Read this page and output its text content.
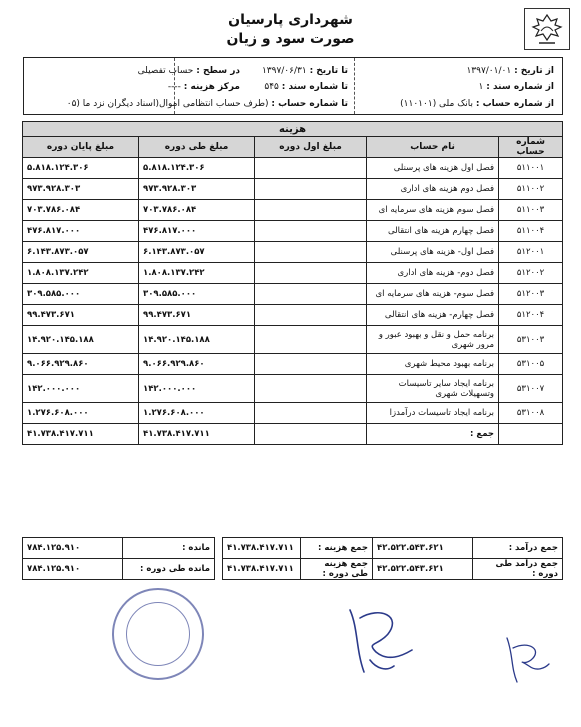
شهرداری پارسیان
صورت سود و زیان
از تاریخ : ۱۳۹۷/۰۱/۰۱
تا تاریخ : ۱۳۹۷/۰۶/۳۱
در سطح : حساب تفصیلی
از شماره سند : ۱
تا شماره سند : ۵۴۵
مرکز هزینه : ----
از شماره حساب : بانک ملی (۱۱۰۱۰۱)
تا شماره حساب : (طرف حساب انتظامی اموال(اسناد دیگران نزد ما (۰۵
هزینه				
شماره حساب	نام حساب	مبلغ اول دوره	مبلغ طی دوره	مبلغ پایان دوره
۵۱۱۰۰۱	فصل اول هزینه های پرسنلی		۵.۸۱۸.۱۲۴.۳۰۶	۵.۸۱۸.۱۲۴.۳۰۶
۵۱۱۰۰۲	فصل دوم هزینه های اداری		۹۷۳.۹۲۸.۳۰۳	۹۷۳.۹۲۸.۳۰۳
۵۱۱۰۰۳	فصل سوم هزینه های سرمایه ای		۷۰۳.۷۸۶.۰۸۴	۷۰۳.۷۸۶.۰۸۴
۵۱۱۰۰۴	فصل چهارم هزینه های انتقالی		۴۷۶.۸۱۷.۰۰۰	۴۷۶.۸۱۷.۰۰۰
۵۱۲۰۰۱	فصل اول- هزینه های پرسنلی		۶.۱۴۳.۸۷۳.۰۵۷	۶.۱۴۳.۸۷۳.۰۵۷
۵۱۲۰۰۲	فصل دوم- هزینه های اداری		۱.۸۰۸.۱۳۷.۲۴۲	۱.۸۰۸.۱۳۷.۲۴۲
۵۱۲۰۰۳	فصل سوم- هزینه های سرمایه ای		۳۰۹.۵۸۵.۰۰۰	۳۰۹.۵۸۵.۰۰۰
۵۱۲۰۰۴	فصل چهارم- هزینه های انتقالی		۹۹.۴۷۳.۶۷۱	۹۹.۴۷۳.۶۷۱
۵۳۱۰۰۳	برنامه حمل و نقل و بهبود عبور و مرور شهری		۱۴.۹۲۰.۱۴۵.۱۸۸	۱۴.۹۲۰.۱۴۵.۱۸۸
۵۳۱۰۰۵	برنامه بهبود محیط شهری		۹.۰۶۶.۹۲۹.۸۶۰	۹.۰۶۶.۹۲۹.۸۶۰
۵۳۱۰۰۷	برنامه ایجاد سایر تاسیسات وتسهیلات شهری		۱۴۲.۰۰۰.۰۰۰	۱۴۲.۰۰۰.۰۰۰
۵۳۱۰۰۸	برنامه ایجاد تاسیسات درآمدزا		۱.۲۷۶.۶۰۸.۰۰۰	۱.۲۷۶.۶۰۸.۰۰۰
	جمع :		۴۱.۷۳۸.۴۱۷.۷۱۱	۴۱.۷۳۸.۴۱۷.۷۱۱
جمع درآمد :	۴۲.۵۲۲.۵۴۳.۶۲۱	جمع هزینه :	۴۱.۷۳۸.۴۱۷.۷۱۱		مانده :	۷۸۴.۱۲۵.۹۱۰
جمع درآمد طی دوره :	۴۲.۵۲۲.۵۴۳.۶۲۱	جمع هزینه طی دوره :	۴۱.۷۳۸.۴۱۷.۷۱۱		مانده طی دوره :	۷۸۴.۱۲۵.۹۱۰
